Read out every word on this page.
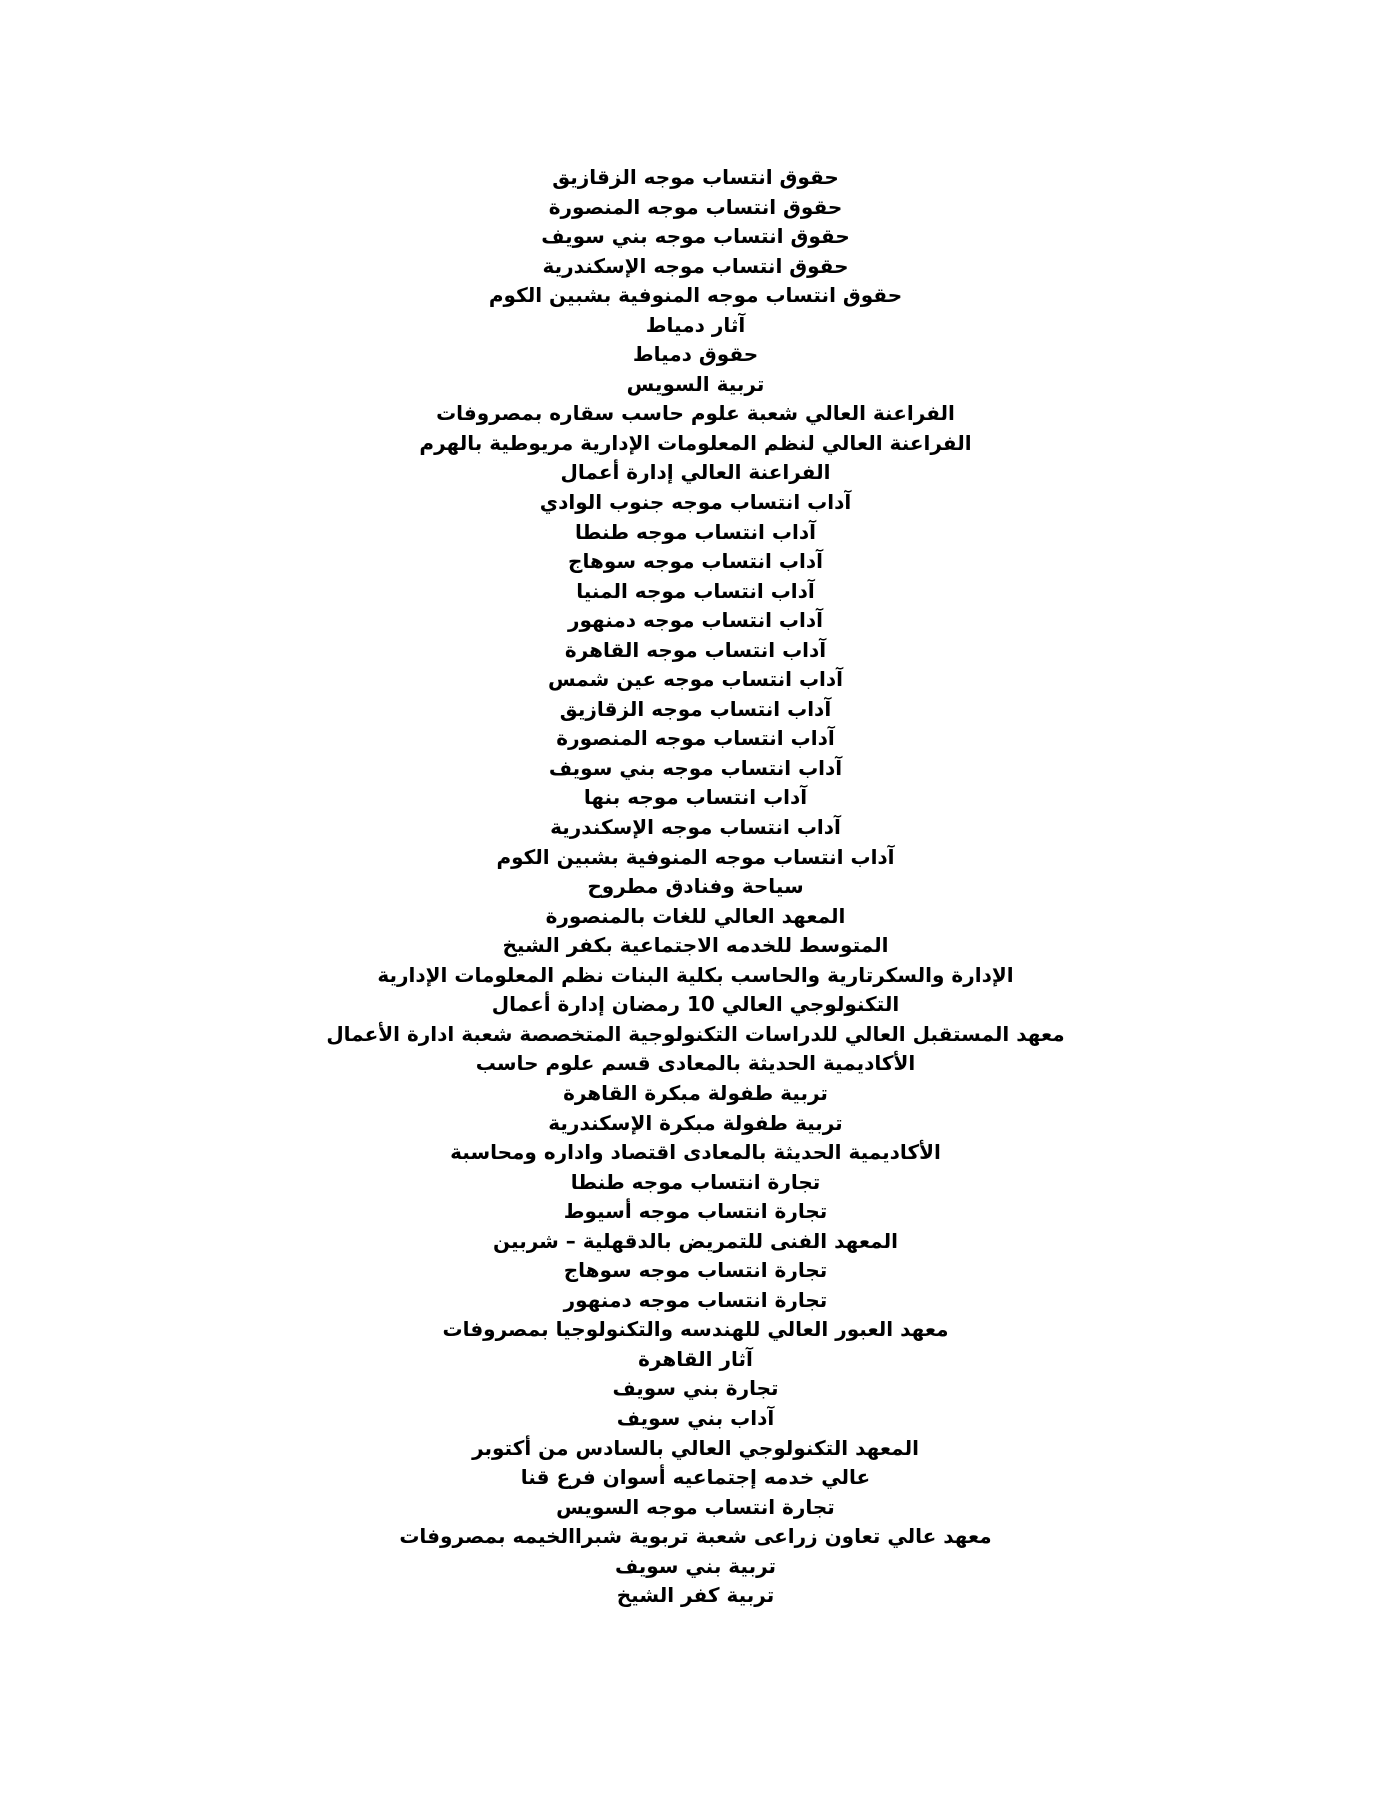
حقوق انتساب موجه الزقازيق
حقوق انتساب موجه المنصورة
حقوق انتساب موجه بني سويف
حقوق انتساب موجه الإسكندرية
حقوق انتساب موجه المنوفية بشبين الكوم
آثار دمياط
حقوق دمياط
تربية السويس
الفراعنة العالي شعبة علوم حاسب سقاره بمصروفات
الفراعنة العالي لنظم المعلومات الإدارية مريوطية بالهرم
الفراعنة العالي إدارة أعمال
آداب انتساب موجه جنوب الوادي
آداب انتساب موجه طنطا
آداب انتساب موجه سوهاج
آداب انتساب موجه المنيا
آداب انتساب موجه دمنهور
آداب انتساب موجه القاهرة
آداب انتساب موجه عين شمس
آداب انتساب موجه الزقازيق
آداب انتساب موجه المنصورة
آداب انتساب موجه بني سويف
آداب انتساب موجه بنها
آداب انتساب موجه الإسكندرية
آداب انتساب موجه المنوفية بشبين الكوم
سياحة وفنادق مطروح
المعهد العالي للغات بالمنصورة
المتوسط للخدمه الاجتماعية بكفر الشيخ
الإدارة والسكرتارية والحاسب بكلية البنات نظم المعلومات الإدارية
التكنولوجي العالي 10 رمضان إدارة أعمال
معهد المستقبل العالي للدراسات التكنولوجية المتخصصة شعبة ادارة الأعمال
الأكاديمية الحديثة بالمعادى قسم علوم حاسب
تربية طفولة مبكرة القاهرة
تربية طفولة مبكرة الإسكندرية
الأكاديمية الحديثة بالمعادى اقتصاد واداره ومحاسبة
تجارة انتساب موجه طنطا
تجارة انتساب موجه أسيوط
المعهد الفنى للتمريض بالدقهلية – شربين
تجارة انتساب موجه سوهاج
تجارة انتساب موجه دمنهور
معهد العبور العالي للهندسه والتكنولوجيا بمصروفات
آثار القاهرة
تجارة بني سويف
آداب بني سويف
المعهد التكنولوجي العالي بالسادس من أكتوبر
عالي خدمه إجتماعيه أسوان فرع قنا
تجارة انتساب موجه السويس
معهد عالي تعاون زراعى شعبة تربوية شبراالخيمه بمصروفات
تربية بني سويف
تربية كفر الشيخ
